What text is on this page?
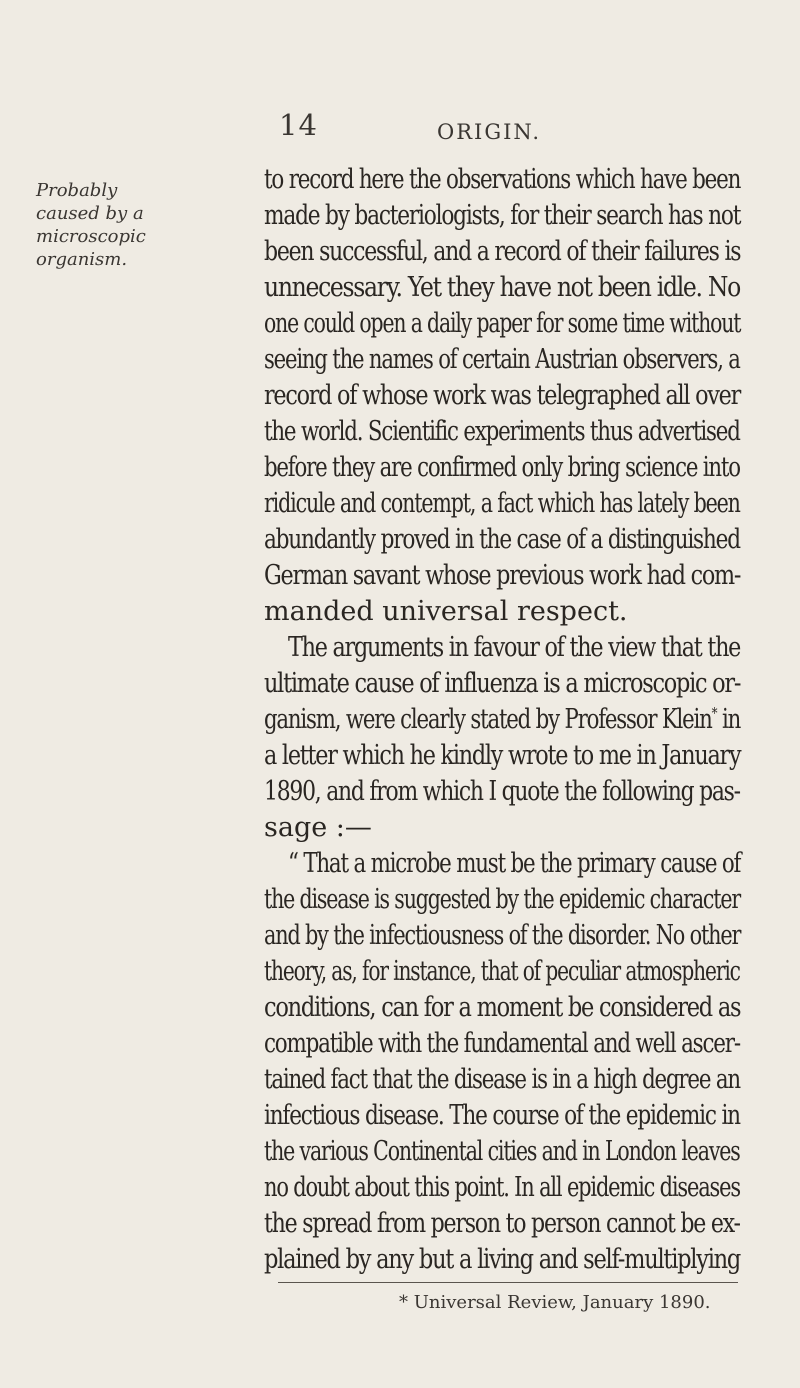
14	ORIGIN.
Probably
caused by a
microscopic
organism.
to record here the observations which have been
made by bacteriologists, for their search has not
been successful, and a record of their failures is
unnecessary. Yet they have not been idle. No
one could open a daily paper for some time without
seeing the names of certain Austrian observers, a
record of whose work was telegraphed all over
the world. Scientific experiments thus advertised
before they are confirmed only bring science into
ridicule and contempt, a fact which has lately been
abundantly proved in the case of a distinguished
German savant whose previous work had com-
manded universal respect.
The arguments in favour of the view that the
ultimate cause of influenza is a microscopic or-
ganism, were clearly stated by Professor Klein* in
a letter which he kindly wrote to me in January
1890, and from which I quote the following pas-
sage :—
“ That a microbe must be the primary cause of
the disease is suggested by the epidemic character
and by the infectiousness of the disorder. No other
theory, as, for instance, that of peculiar atmospheric
conditions, can for a moment be considered as
compatible with the fundamental and well ascer-
tained fact that the disease is in a high degree an
infectious disease. The course of the epidemic in
the various Continental cities and in London leaves
no doubt about this point. In all epidemic diseases
the spread from person to person cannot be ex-
plained by any but a living and self-multiplying
* Universal Review, January 1890.
